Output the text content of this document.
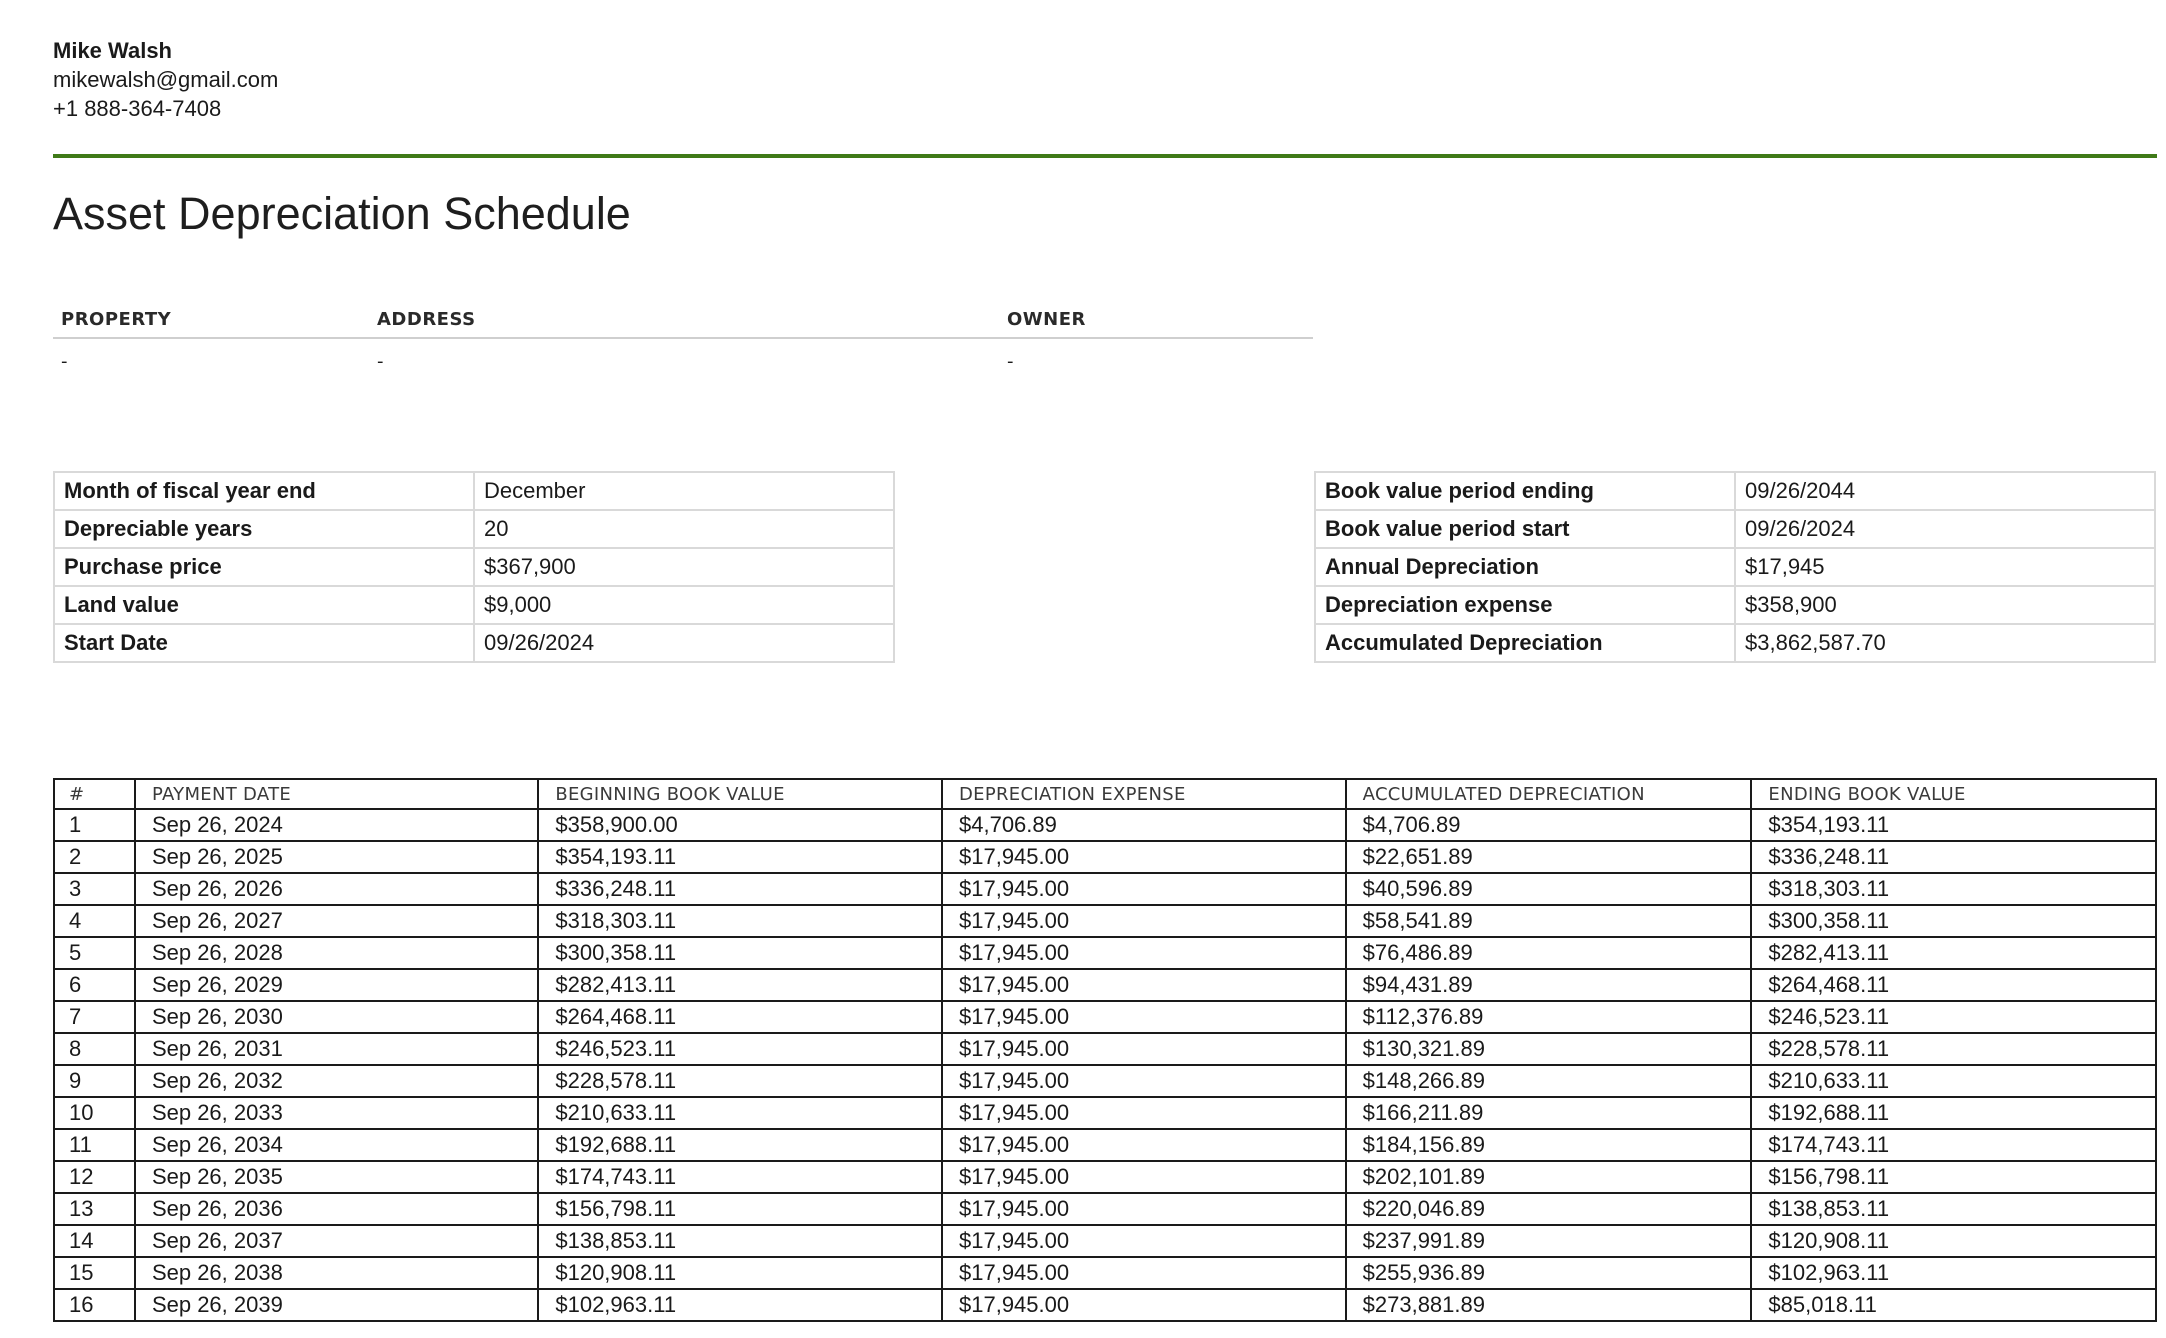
Mike Walsh
mikewalsh@gmail.com
+1 888-364-7408
Asset Depreciation Schedule
PROPERTY	ADDRESS	OWNER
-	-	-
Month of fiscal year end	December
Depreciable years	20
Purchase price	$367,900
Land value	$9,000
Start Date	09/26/2024
Book value period ending	09/26/2044
Book value period start	09/26/2024
Annual Depreciation	$17,945
Depreciation expense	$358,900
Accumulated Depreciation	$3,862,587.70
#	PAYMENT DATE	BEGINNING BOOK VALUE	DEPRECIATION EXPENSE	ACCUMULATED DEPRECIATION	ENDING BOOK VALUE
1	Sep 26, 2024	$358,900.00	$4,706.89	$4,706.89	$354,193.11
2	Sep 26, 2025	$354,193.11	$17,945.00	$22,651.89	$336,248.11
3	Sep 26, 2026	$336,248.11	$17,945.00	$40,596.89	$318,303.11
4	Sep 26, 2027	$318,303.11	$17,945.00	$58,541.89	$300,358.11
5	Sep 26, 2028	$300,358.11	$17,945.00	$76,486.89	$282,413.11
6	Sep 26, 2029	$282,413.11	$17,945.00	$94,431.89	$264,468.11
7	Sep 26, 2030	$264,468.11	$17,945.00	$112,376.89	$246,523.11
8	Sep 26, 2031	$246,523.11	$17,945.00	$130,321.89	$228,578.11
9	Sep 26, 2032	$228,578.11	$17,945.00	$148,266.89	$210,633.11
10	Sep 26, 2033	$210,633.11	$17,945.00	$166,211.89	$192,688.11
11	Sep 26, 2034	$192,688.11	$17,945.00	$184,156.89	$174,743.11
12	Sep 26, 2035	$174,743.11	$17,945.00	$202,101.89	$156,798.11
13	Sep 26, 2036	$156,798.11	$17,945.00	$220,046.89	$138,853.11
14	Sep 26, 2037	$138,853.11	$17,945.00	$237,991.89	$120,908.11
15	Sep 26, 2038	$120,908.11	$17,945.00	$255,936.89	$102,963.11
16	Sep 26, 2039	$102,963.11	$17,945.00	$273,881.89	$85,018.11
